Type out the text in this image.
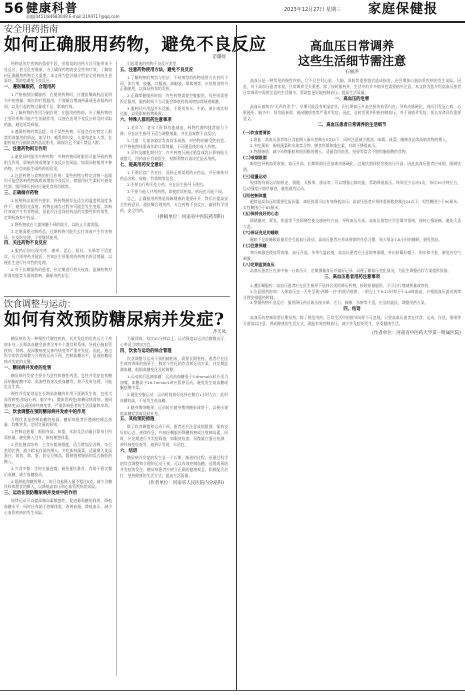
56 健康科普
责编(0451)84683049 E-mail:2194717@qq.com
2023年12月27日 星期三 家庭保健报
安全用药指南
如何正确服用药物，避免不良反应
范璐瑶
药物是治疗疾病的重要手段，但错误的用药方式可能带来不良反应，甚至危害健康。为了确保药物的安全性和疗效，了解如何正确服用药物至关重要。本文将为您详细介绍安全用药的注意事项，帮助您避免不良反应。
一、遵医嘱服药，合理用药
1.严格按照医嘱服药：在使用药物时，应遵医嘱或药品说明书中的剂量、频次和疗程服用。不要擅自增减药量或更改服药时间，以免引起药物过量或不足，影响疗效。
2.了解药物的作用与副作用：在服用药物前，应了解药物的主要作用和可能产生的副作用，以便在出现不良反应时及时采取措施，避免延误病情。
3.遵循药物的禁忌症：对于某些药物，可能会存在特定人群禁用或慎用的情况，如孕妇、哺乳期妇女、儿童和老年人等。在服药前应仔细阅读药品说明书，确保自己不属于禁忌人群。
二、注意药物相互作用
1.避免同时服用多种药物：多种药物同时服用可能导致药物相互作用，影响药效或增加不良反应的风险。如需同时服用多种药物，应咨询医生或药师的意见。
2.注意药物与食物的相互作用：某些药物与特定食物一起服用可能会影响药物吸收或增加不良反应，如服用抗生素时应避免饮酒，服用降压药时应避免食用西柚等。
三、正确储存药物
1.按照药品说明书要求，将药物储存在适当的温度和湿度条件下，避免阳光直射。药物在储存过程中可能会发生变质，影响疗效或产生有害物质，因此应注意保持药品的完整性和有效性，定期检查家中药品。
2.将药物放在儿童接触不到的地方，以防止儿童误服。
3.定期清理过期药品，过期药物可能失去疗效或产生有害物质，应及时处理，不要继续使用。
四、关注药物不良反应
1.服药后如出现皮疹、瘙痒、恶心、呕吐、头晕等不适症状，应立即停药并就医，告知医生所服用的药物名称及剂量，以便医生进行针对性的处理。
2.对于长期服药的患者，应定期进行相关检查，监测药物对肝肾功能等方面的影响，确保用药安全。
引起重视的药物不良反应类型：
五、注意药物使用方法，避免不良反应
1.了解药物的剂型与用法：不同剂型的药物使用方法有所不同，如片剂、胶囊、口服液、滴眼液、喷雾剂等，应按照说明书正确使用，以保证药效的发挥。
2.正确掌握服药时间：有些药物需要空腹服用，有些则需要饭后服用，服药时间不当可能会降低药效或增加胃肠道刺激。
3.服药时应用温开水送服，不要用茶水、牛奶、果汁或饮料送服，以免影响药物吸收。
六、特殊人群用药注意事项
1.老年人：老年人肝肾功能减退，药物代谢和排泄能力下降，应在医生指导下适当调整剂量，并注意观察不良反应。
2.儿童：儿童各器官发育尚未成熟，对药物的耐受性较差，应严格按照体重或年龄计算剂量，不可随意使用成人药物。
3.孕妇及哺乳期妇女：许多药物可通过胎盘或乳汁影响胎儿或婴儿，用药前应咨询医生，权衡利弊后再决定是否用药。
七、提高用药安全意识
1.不要轻信广告宣传，选择正规渠道购买药品，并仔细核对药品名称、规格、有效期等信息。
2.不要自行购买处方药，应在医生指导下使用。
3.不要与他人共用药物，即使症状相似，病因也可能不同。
总之，正确服用药物是保障健康的重要环节，我们应提高安全用药意识，遵医嘱合理用药，关注药物不良反应，做到科学用药、安全用药。
(供稿单位：河南省中医院药剂科)
饮食调整与运动：
如何有效预防糖尿病并发症?
齐天凤
糖尿病作为一种慢性代谢性疾病，其并发症的危害远大于疾病本身。长期高血糖会损害全身多个器官和系统，导致心脑血管疾病、肾病、视网膜病变及神经病变等严重并发症。因此，通过科学的饮食调整与合理的运动干预，控制血糖水平，是预防糖尿病并发症的关键。
一、糖尿病并发症的危害
糖尿病并发症主要分为急性和慢性两类。急性并发症包括糖尿病酮症酸中毒、高渗性昏迷及低血糖等，如不及时处理，可能危及生命。
慢性并发症则是在长期高血糖的作用下逐渐发生的，包括大血管病变(如冠心病、脑卒中)、微血管病变(如糖尿病肾病、视网膜病变)以及周围神经病变等，严重影响患者的生活质量和寿命。
二、饮食调整在预防糖尿病并发症中的作用
合理饮食是控制血糖的基础。糖尿病患者应遵循控制总热量、均衡营养、定时定量的原则。
1.控制总热量：根据身高、体重、年龄及活动量计算每日所需热量，避免摄入过多，维持理想体重。
2.优化膳食结构：主食应粗细搭配，适当增加全谷物、杂豆类的比例，减少精米白面的摄入。多吃新鲜蔬菜，适量摄入优质蛋白，如鱼、禽、蛋、奶及豆制品。限制饱和脂肪和反式脂肪的摄入。
3.少食多餐：定时定量进餐，避免暴饮暴食，有助于稳定餐后血糖，减少血糖波动。
4.限制盐和糖的摄入：每日食盐摄入量不超过5克，减少含糖饮料和甜食的摄入，以降低高血压和心血管疾病的风险。
三、运动在预防糖尿病并发症中的作用
规律运动可以提高胰岛素敏感性，促进葡萄糖的利用，降低血糖水平，同时还有助于控制体重、改善血脂、降低血压，减少心血管疾病的发生风险。
力量训练，每次30分钟以上。运动强度以运动后微微出汗、心率适当增加为宜。
四、饮食与运动的综合管理
饮食调整与运动干预相辅相成，需要长期坚持。患者应在医生或营养师的指导下，制定个性化的饮食和运动方案，并定期监测血糖，根据血糖变化及时调整。
1.运动前后监测血糖：运动前血糖低于5.6mmol/L时应适当加餐，血糖高于16.7mmol/L时应暂停运动，避免发生低血糖或酮症酸中毒。
2.避免空腹运动：运动时间最好选择在餐后1小时左右，此时血糖较高，不易发生低血糖。
3.随身携带糖果：运动时应随身携带糖果或饼干，以便出现低血糖症状时及时补充。
五、其他预防措施
除了饮食调整和运动干预，患者还应注意戒烟限酒、保持良好的心态、规律作息，并按医嘱服用降糖药物或注射胰岛素。同时，应定期进行并发症筛查，如眼底检查、尿微量白蛋白检测、神经病变检查等，做到早发现、早治疗。
六、结语
糖尿病并发症的发生是一个长期、渐进的过程，但通过科学的饮食调整和合理的运动干预，可以有效控制血糖，延缓或预防并发症的发生。糖尿病患者应树立正确的健康观念，积极配合治疗，坚持健康的生活方式，提高生活质量。
(作者单位：河南省人民医院内分泌科)
高血压日常调养
这些生活细节需注意
石丽洪
高血压是一种常见的慢性疾病，它不仅会对心脏、大脑、肾脏等重要器官造成损害，还会增加心脑血管疾病的发生风险。因此，对于高血压患者来说，日常调养至关重要。除了按时服药外，生活中的许多细节也需要格外注意。本文将为您介绍高血压患者日常调养中需要注意的生活细节，帮助您更好地控制血压，提高生活质量。
一、高血压的危害
高血压被称为"无声的杀手"，早期可能没有明显症状，但长期血压升高会损伤血管内皮，导致动脉硬化，进而引发冠心病、心肌梗死、脑卒中、肾功能衰竭、视网膜病变等严重并发症。因此，及时发现并积极控制血压，对于预防并发症、延长寿命具有重要意义。
二、高血压患者日常调养的生活细节
(一)饮食要清淡
1.限盐：高血压患者每日食盐摄入量应控制在5克以下，同时注意减少酱油、味精、咸菜、腌制食品等高钠食物的摄入。
2.多吃蔬果：新鲜蔬菜和水果富含钾、膳食纤维和维生素，有助于降低血压。
3.控制脂肪：减少动物脂肪和胆固醇的摄入，适量食用鱼类、坚果等富含不饱和脂肪酸的食物。
(二)戒烟限酒
吸烟会导致血管收缩、血压升高，长期吸烟还会加速动脉硬化。过量饮酒同样会使血压升高，因此高血压患者应戒烟，限制饮酒。
(三)适量运动
规律的有氧运动如快走、慢跑、太极拳、游泳等，可以增强心肺功能，帮助降低血压。每周至少运动5次，每次30分钟左右，运动强度应循序渐进，避免剧烈运动。
(四)控制体重
肥胖是高血压的重要危险因素，减轻体重可以有效降低血压。高血压患者应将体重指数控制在24以下，男性腰围小于90厘米，女性腰围小于85厘米。
(五)保持良好的心态
情绪激动、紧张、焦虑等不良情绪会使交感神经兴奋，导致血压升高。高血压患者应学会调节情绪，保持心情舒畅，避免大喜大悲。
(六)保证充足的睡眠
睡眠不足或睡眠质量差会引起血压波动。高血压患者应养成规律的作息习惯，每天保证7-8小时的睡眠，避免熬夜。
(七)注意保暖
寒冷刺激会使血管收缩，血压升高。冬季气温较低，高血压患者应注意防寒保暖，外出时戴好帽子、围巾和手套，避免冷空气刺激。
(八)定期监测血压
高血压患者应在家中备一台血压计，定期测量血压并做好记录，以便了解血压变化情况，为医生调整治疗方案提供依据。
三、高血压患者用药注意事项
1.遵医嘱服药：高血压患者应在医生指导下选择合适的降压药物，按时按量服用，不可自行增减剂量或停药。
2.注意服药时间：人体血压在一天中呈现"两峰一谷"的波动规律，一般在上午9-11时和下午4-6时最高，应根据血压波动规律合理安排服药时间。
3.警惕药物不良反应：服用降压药后如出现头晕、乏力、咳嗽、水肿等不适，应及时就医，调整用药方案。
四、结语
高血压的控制需要长期坚持，除了规范用药，日常生活中的细节同样不可忽视。只要高血压患者在饮食、运动、作息、情绪等方面加以注意，养成健康的生活方式，就能有效控制血压，减少并发症的发生，享受健康生活。
(作者单位：河南省中医药大学第一附属医院)
